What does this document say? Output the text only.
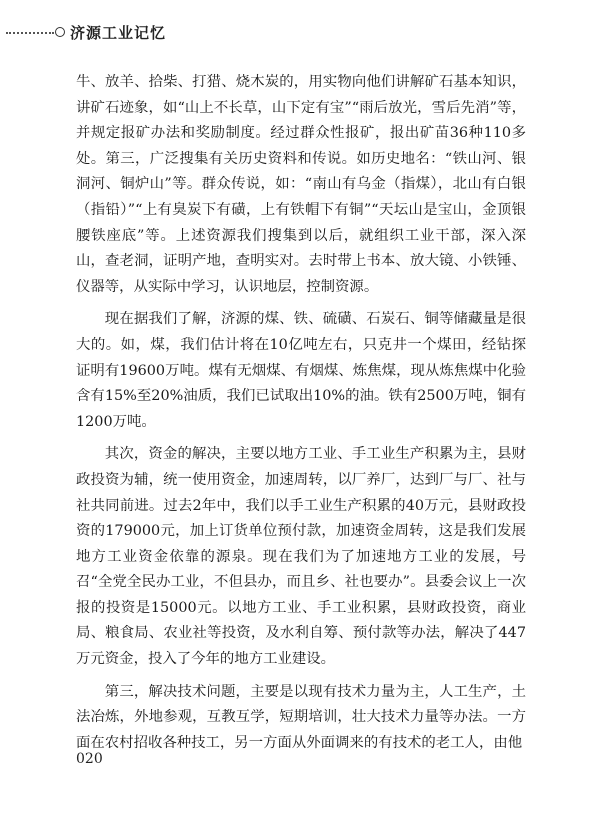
济源工业记忆

牛、放羊、拾柴、打猎、烧木炭的，用实物向他们讲解矿石基本知识，讲矿石迹象，如“山上不长草，山下定有宝”“雨后放光，雪后先消”等，并规定报矿办法和奖励制度。经过群众性报矿，报出矿苗36种110多处。第三，广泛搜集有关历史资料和传说。如历史地名：“铁山河、银洞河、铜炉山”等。群众传说，如：“南山有乌金（指煤），北山有白银（指铅）”“上有臭炭下有磺，上有铁帽下有铜”“天坛山是宝山，金顶银腰铁座底”等。上述资源我们搜集到以后，就组织工业干部，深入深山，查老洞，证明产地，查明实对。去时带上书本、放大镜、小铁锤、仪器等，从实际中学习，认识地层，控制资源。

现在据我们了解，济源的煤、铁、硫磺、石炭石、铜等储藏量是很大的。如，煤，我们估计将在10亿吨左右，只克井一个煤田，经钻探证明有19600万吨。煤有无烟煤、有烟煤、炼焦煤，现从炼焦煤中化验含有15%至20%油质，我们已试取出10%的油。铁有2500万吨，铜有1200万吨。

其次，资金的解决，主要以地方工业、手工业生产积累为主，县财政投资为辅，统一使用资金，加速周转，以厂养厂，达到厂与厂、社与社共同前进。过去2年中，我们以手工业生产积累的40万元，县财政投资的179000元，加上订货单位预付款，加速资金周转，这是我们发展地方工业资金依靠的源泉。现在我们为了加速地方工业的发展，号召“全党全民办工业，不但县办，而且乡、社也要办”。县委会议上一次报的投资是15000元。以地方工业、手工业积累，县财政投资，商业局、粮食局、农业社等投资，及水利自筹、预付款等办法，解决了447万元资金，投入了今年的地方工业建设。

第三，解决技术问题，主要是以现有技术力量为主，人工生产，土法冶炼，外地参观，互教互学，短期培训，壮大技术力量等办法。一方面在农村招收各种技工，另一方面从外面调来的有技术的老工人，由他

020
